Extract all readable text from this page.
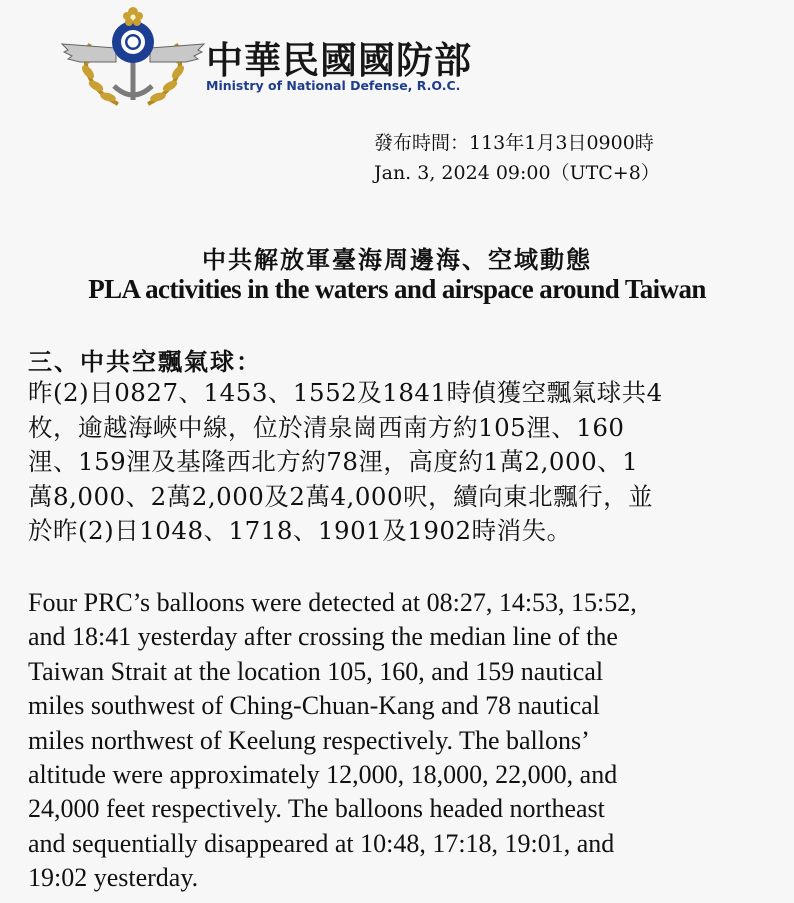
中華民國國防部
Ministry of National Defense, R.O.C.
發布時間：113年1月3日0900時
Jan. 3, 2024 09:00（UTC+8）
中共解放軍臺海周邊海、空域動態
PLA activities in the waters and airspace around Taiwan
三、中共空飄氣球：
昨(2)日0827、1453、1552及1841時偵獲空飄氣球共4
枚，逾越海峽中線，位於清泉崗西南方約105浬、160
浬、159浬及基隆西北方約78浬，高度約1萬2,000、1
萬8,000、2萬2,000及2萬4,000呎，續向東北飄行，並
於昨(2)日1048、1718、1901及1902時消失。
Four PRC’s balloons were detected at 08:27, 14:53, 15:52,
and 18:41 yesterday after crossing the median line of the
Taiwan Strait at the location 105, 160, and 159 nautical
miles southwest of Ching-Chuan-Kang and 78 nautical
miles northwest of Keelung respectively. The ballons’
altitude were approximately 12,000, 18,000, 22,000, and
24,000 feet respectively. The balloons headed northeast
and sequentially disappeared at 10:48, 17:18, 19:01, and
19:02 yesterday.
